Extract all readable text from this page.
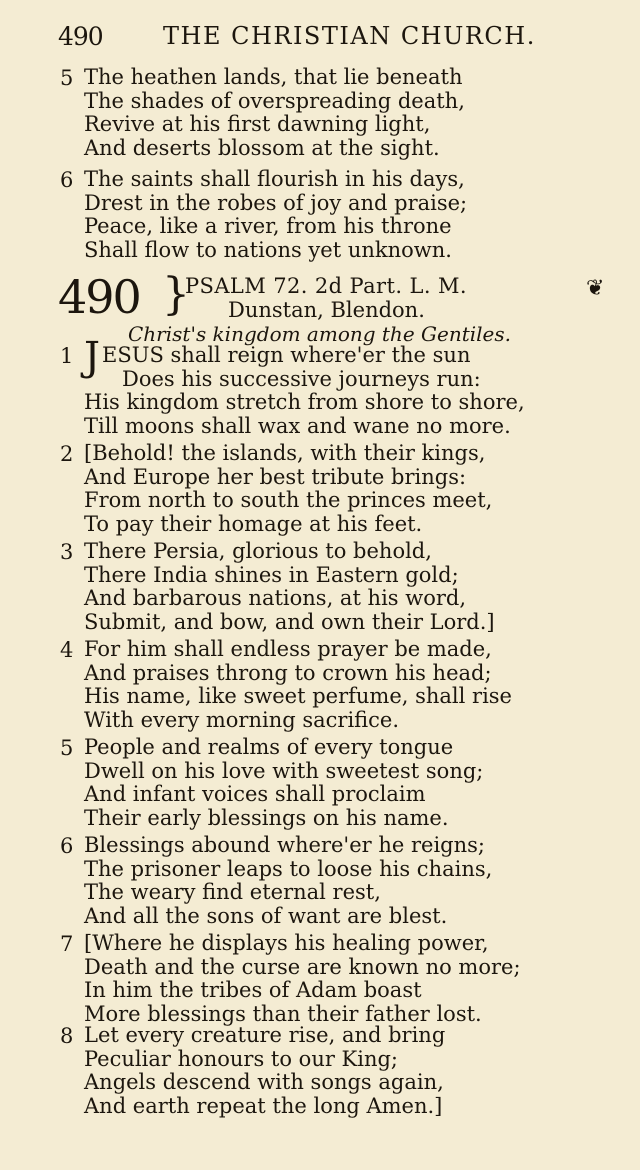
490	THE CHRISTIAN CHURCH.
5 The heathen lands, that lie beneath
The shades of overspreading death,
Revive at his first dawning light,
And deserts blossom at the sight.
6 The saints shall flourish in his days,
Drest in the robes of joy and praise;
Peace, like a river, from his throne
Shall flow to nations yet unknown.
490 }
PSALM 72. 2d Part. L. M.
Dunstan, Blendon.
Christ's kingdom among the Gentiles.
❦
1 JESUS shall reign where'er the sun
Does his successive journeys run:
His kingdom stretch from shore to shore,
Till moons shall wax and wane no more.
2 [Behold! the islands, with their kings,
And Europe her best tribute brings:
From north to south the princes meet,
To pay their homage at his feet.
3 There Persia, glorious to behold,
There India shines in Eastern gold;
And barbarous nations, at his word,
Submit, and bow, and own their Lord.]
4 For him shall endless prayer be made,
And praises throng to crown his head;
His name, like sweet perfume, shall rise
With every morning sacrifice.
5 People and realms of every tongue
Dwell on his love with sweetest song;
And infant voices shall proclaim
Their early blessings on his name.
6 Blessings abound where'er he reigns;
The prisoner leaps to loose his chains,
The weary find eternal rest,
And all the sons of want are blest.
7 [Where he displays his healing power,
Death and the curse are known no more;
In him the tribes of Adam boast
More blessings than their father lost.
8 Let every creature rise, and bring
Peculiar honours to our King;
Angels descend with songs again,
And earth repeat the long Amen.]
